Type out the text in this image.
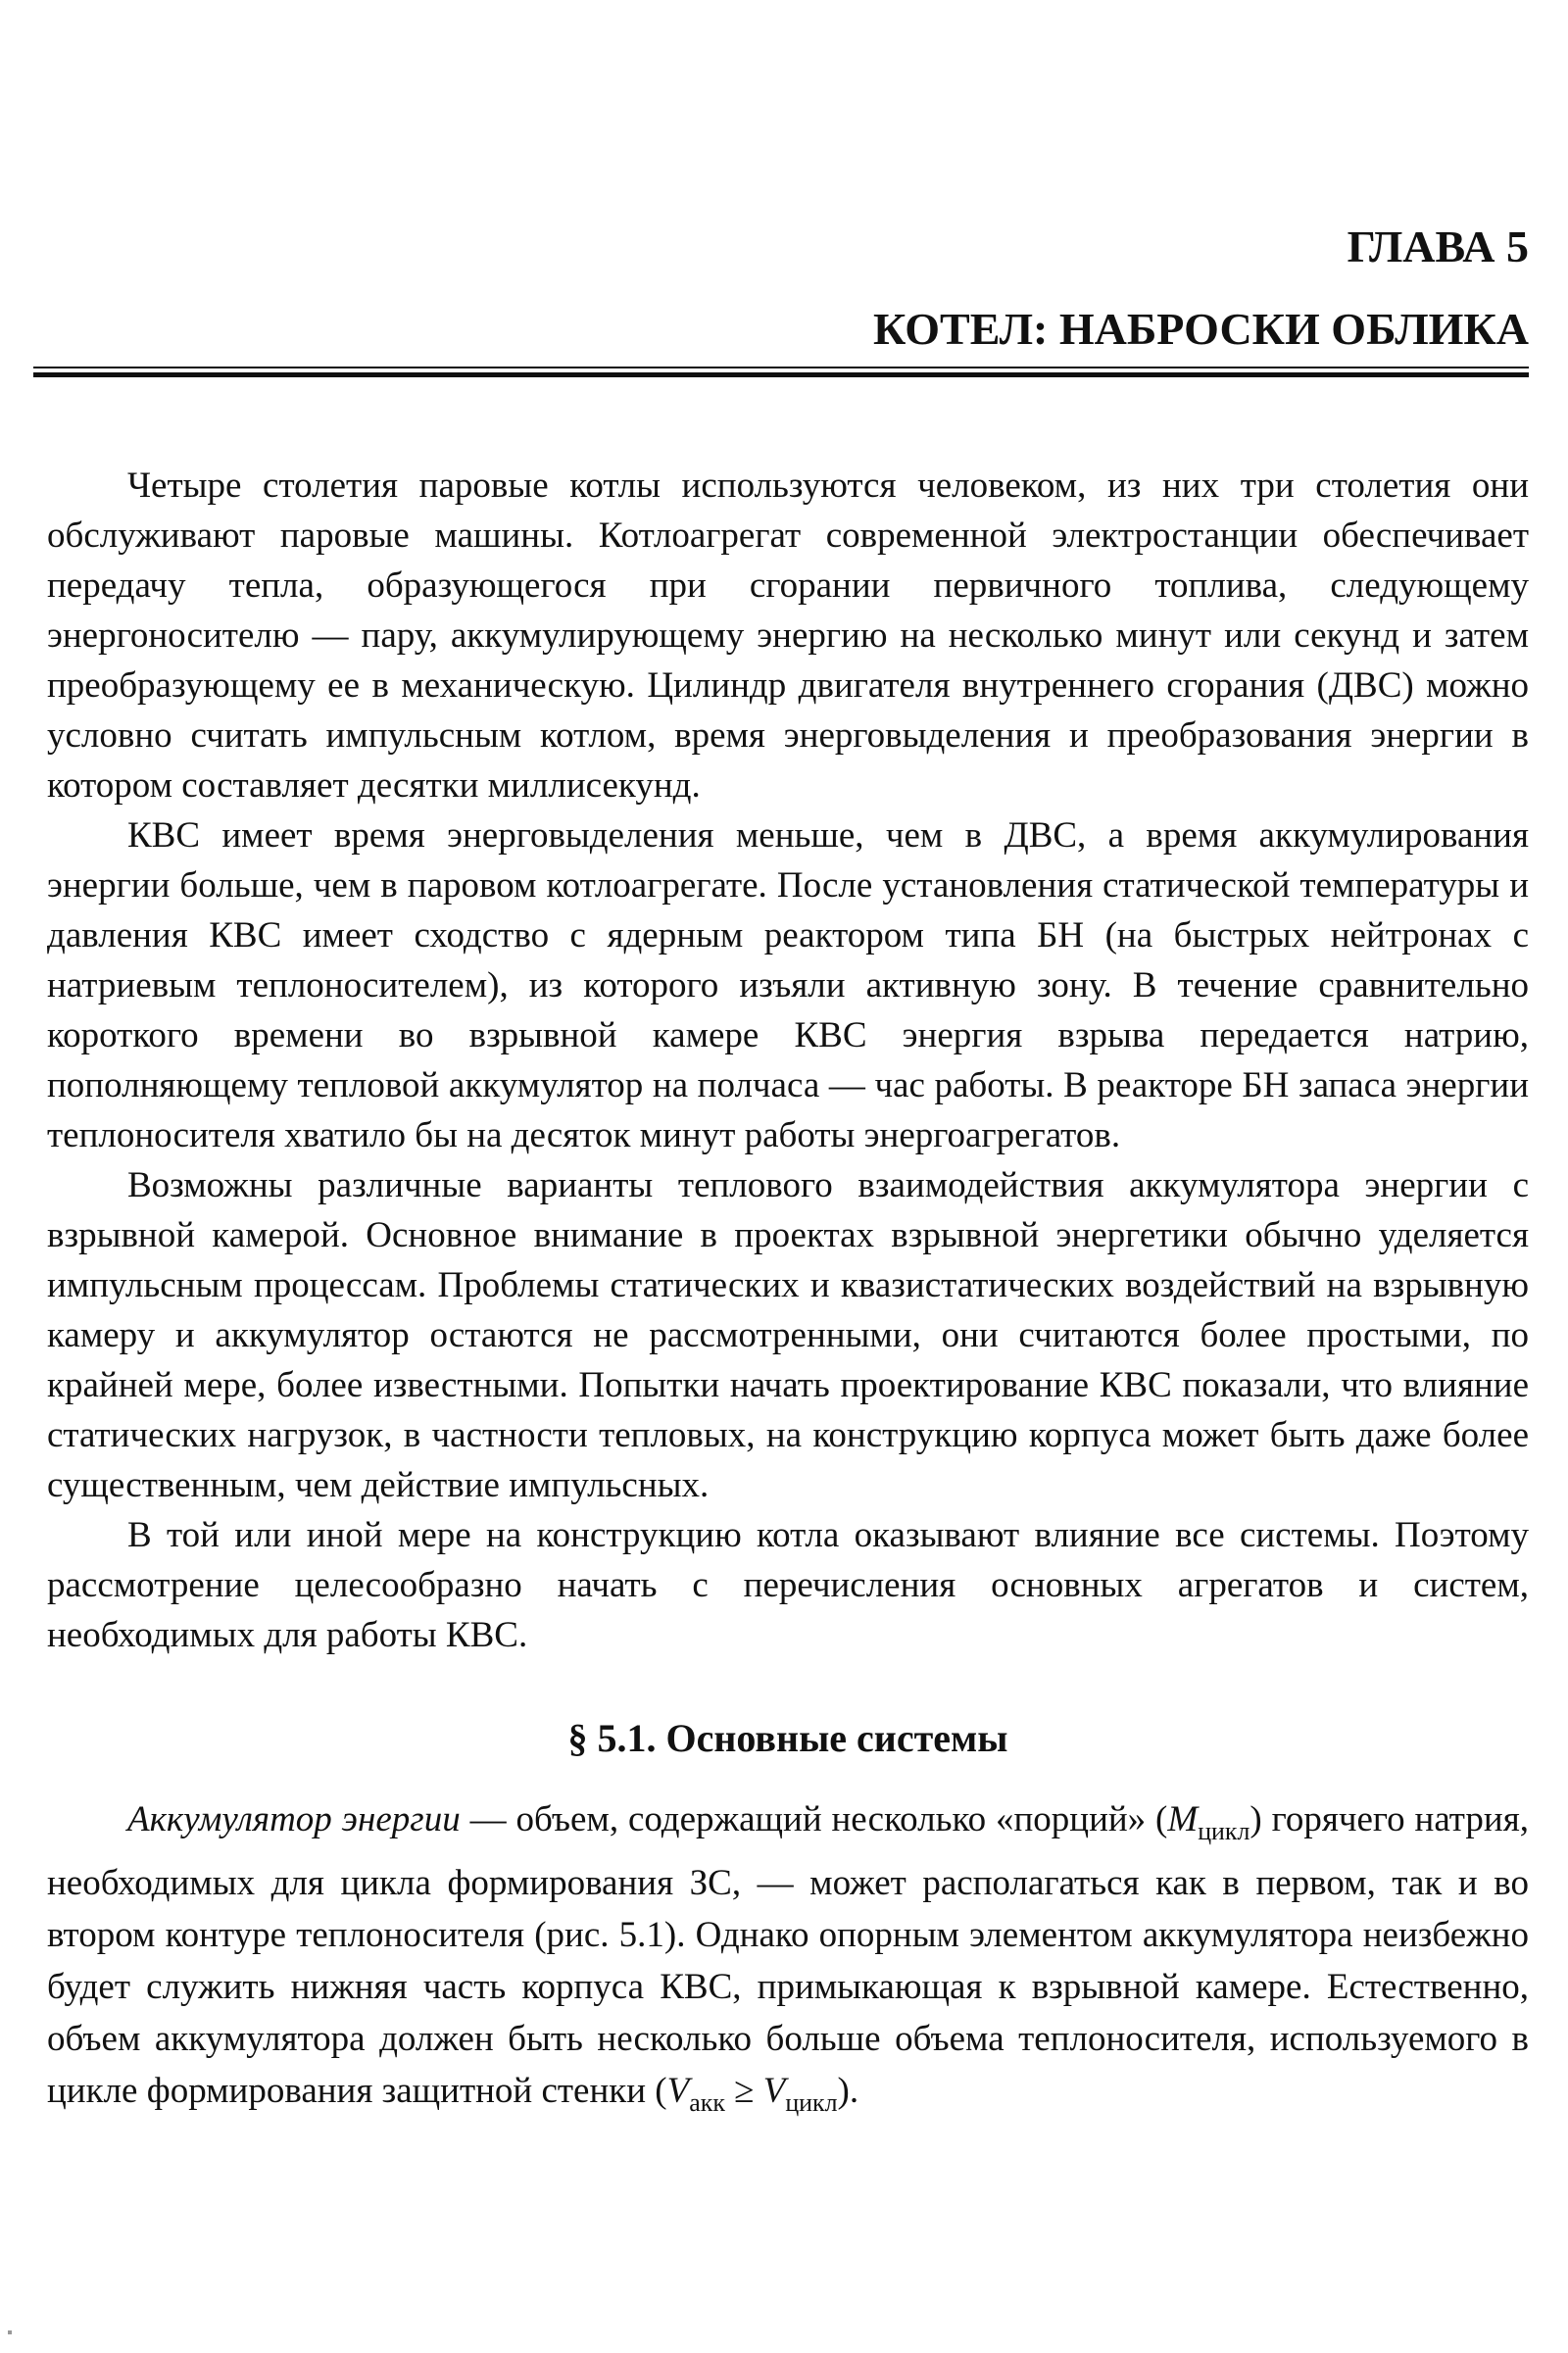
ГЛАВА 5
КОТЕЛ: НАБРОСКИ ОБЛИКА

Четыре столетия паровые котлы используются человеком, из них три столетия они обслуживают паровые машины. Котлоагрегат современной электростанции обеспечивает передачу тепла, образующегося при сгорании первичного топлива, следующему энергоносителю — пару, аккумулирующему энергию на несколько минут или секунд и затем преобразующему ее в механическую. Цилиндр двигателя внутреннего сгорания (ДВС) можно условно считать импульсным котлом, время энерговыделения и преобразования энергии в котором составляет десятки миллисекунд.

КВС имеет время энерговыделения меньше, чем в ДВС, а время аккумулирования энергии больше, чем в паровом котлоагрегате. После установления статической температуры и давления КВС имеет сходство с ядерным реактором типа БН (на быстрых нейтронах с натриевым теплоносителем), из которого изъяли активную зону. В течение сравнительно короткого времени во взрывной камере КВС энергия взрыва передается натрию, пополняющему тепловой аккумулятор на полчаса — час работы. В реакторе БН запаса энергии теплоносителя хватило бы на десяток минут работы энергоагрегатов.

Возможны различные варианты теплового взаимодействия аккумулятора энергии с взрывной камерой. Основное внимание в проектах взрывной энергетики обычно уделяется импульсным процессам. Проблемы статических и квазистатических воздействий на взрывную камеру и аккумулятор остаются не рассмотренными, они считаются более простыми, по крайней мере, более известными. Попытки начать проектирование КВС показали, что влияние статических нагрузок, в частности тепловых, на конструкцию корпуса может быть даже более существенным, чем действие импульсных.

В той или иной мере на конструкцию котла оказывают влияние все системы. Поэтому рассмотрение целесообразно начать с перечисления основных агрегатов и систем, необходимых для работы КВС.

§ 5.1. Основные системы

Аккумулятор энергии — объем, содержащий несколько «порций» $(M_{цикл})$ горячего натрия, необходимых для цикла формирования ЗС, — может располагаться как в первом, так и во втором контуре теплоносителя (рис. 5.1). Однако опорным элементом аккумулятора неизбежно будет служить нижняя часть корпуса КВС, примыкающая к взрывной камере. Естественно, объем аккумулятора должен быть несколько больше объема теплоносителя, используемого в цикле формирования защитной стенки $(V_{акк} \ge V_{цикл})$.
